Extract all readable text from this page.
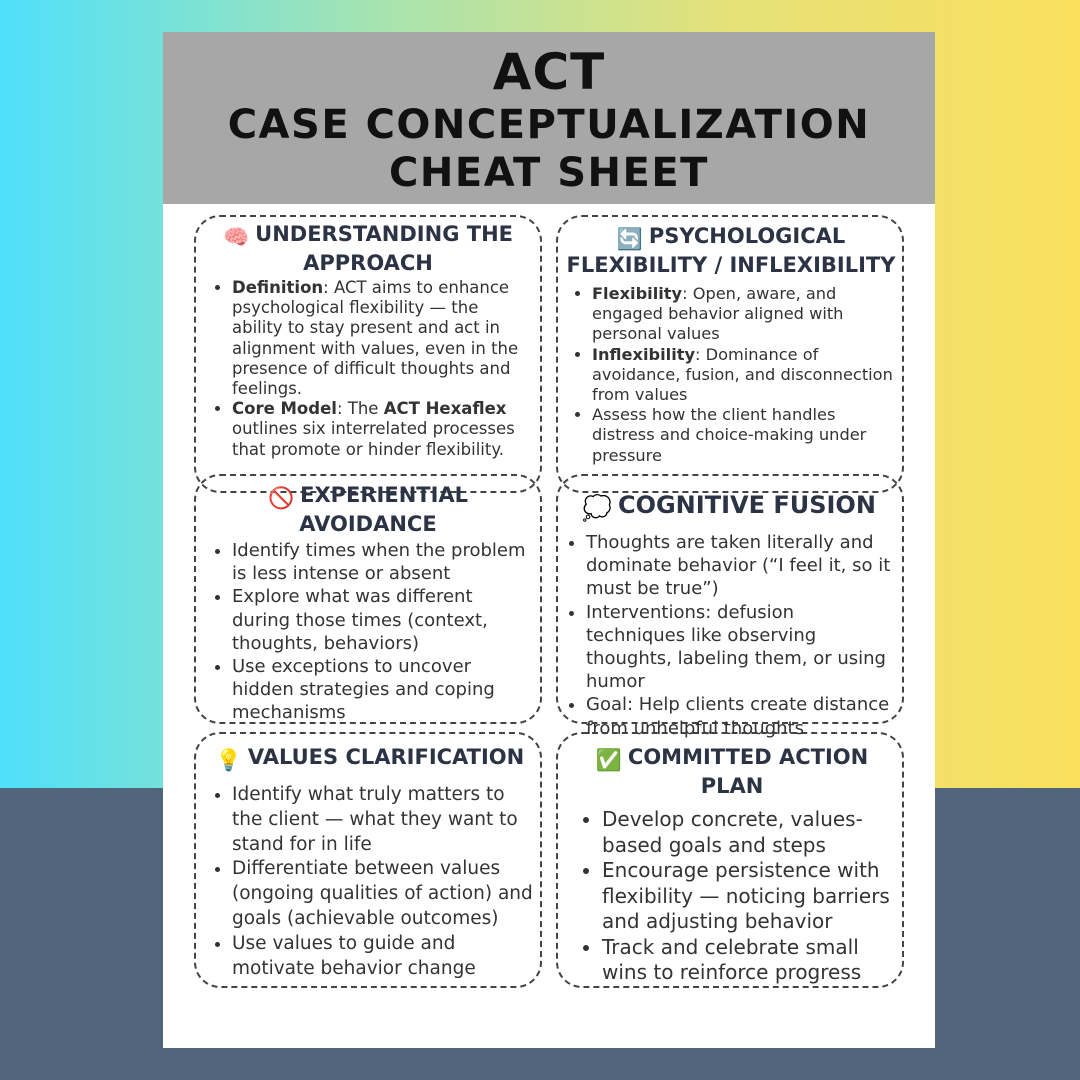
ACT
CASE CONCEPTUALIZATION
CHEAT SHEET
🧠 UNDERSTANDING THE
APPROACH
• Definition: ACT aims to enhance psychological flexibility — the ability to stay present and act in alignment with values, even in the presence of difficult thoughts and feelings.
• Core Model: The ACT Hexaflex outlines six interrelated processes that promote or hinder flexibility.
🔄 PSYCHOLOGICAL
FLEXIBILITY / INFLEXIBILITY
• Flexibility: Open, aware, and engaged behavior aligned with personal values
• Inflexibility: Dominance of avoidance, fusion, and disconnection from values
• Assess how the client handles distress and choice-making under pressure
🚫 EXPERIENTIAL
AVOIDANCE
• Identify times when the problem is less intense or absent
• Explore what was different during those times (context, thoughts, behaviors)
• Use exceptions to uncover hidden strategies and coping mechanisms
💭 COGNITIVE FUSION
• Thoughts are taken literally and dominate behavior (“I feel it, so it must be true”)
• Interventions: defusion techniques like observing thoughts, labeling them, or using humor
• Goal: Help clients create distance from unhelpful thoughts
💡 VALUES CLARIFICATION
• Identify what truly matters to the client — what they want to stand for in life
• Differentiate between values (ongoing qualities of action) and goals (achievable outcomes)
• Use values to guide and motivate behavior change
✅ COMMITTED ACTION PLAN
• Develop concrete, values-based goals and steps
• Encourage persistence with flexibility — noticing barriers and adjusting behavior
• Track and celebrate small wins to reinforce progress
